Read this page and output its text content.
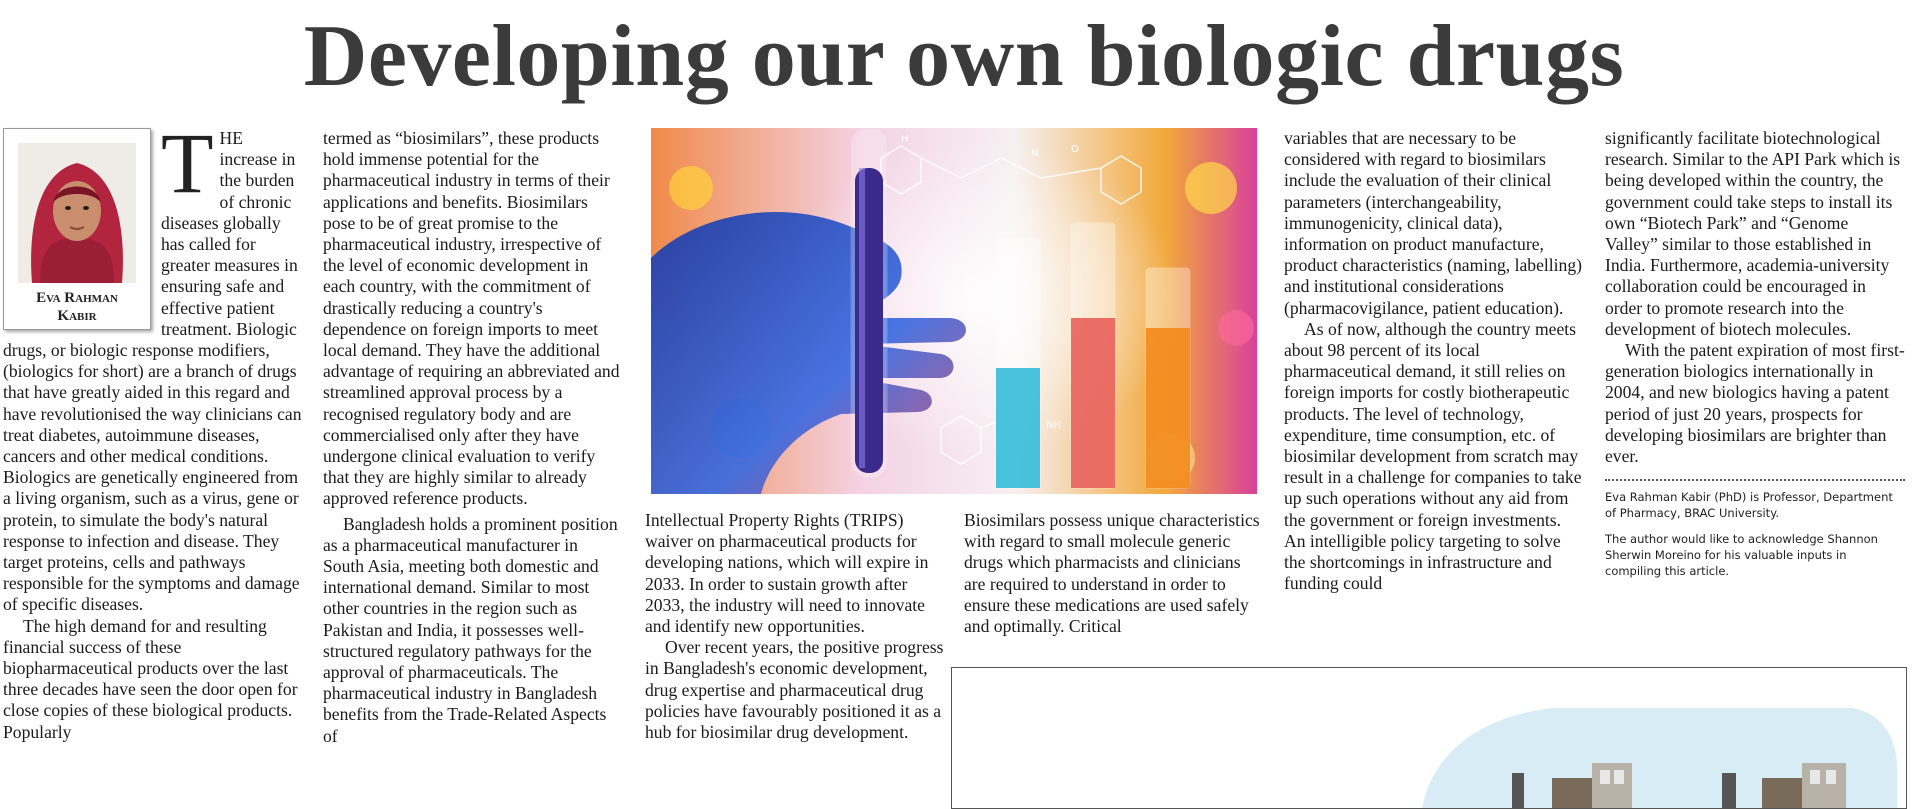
Developing our own biologic drugs
Eva Rahman
Kabir

THE increase in the burden of chronic diseases globally has called for greater measures in ensuring safe and effective patient treatment. Biologic drugs, or biologic response modifiers, (biologics for short) are a branch of drugs that have greatly aided in this regard and have revolutionised the way clinicians can treat diabetes, autoimmune diseases, cancers and other medical conditions. Biologics are genetically engineered from a living organism, such as a virus, gene or protein, to simulate the body's natural response to infection and disease. They target proteins, cells and pathways responsible for the symptoms and damage of specific diseases.

The high demand for and resulting financial success of these biopharmaceutical products over the last three decades have seen the door open for close copies of these biological products. Popularly

termed as “biosimilars”, these products hold immense potential for the pharmaceutical industry in terms of their applications and benefits. Biosimilars pose to be of great promise to the pharmaceutical industry, irrespective of the level of economic development in each country, with the commitment of drastically reducing a country's dependence on foreign imports to meet local demand. They have the additional advantage of requiring an abbreviated and streamlined approval process by a recognised regulatory body and are commercialised only after they have undergone clinical evaluation to verify that they are highly similar to already approved reference products.

Bangladesh holds a prominent position as a pharmaceutical manufacturer in South Asia, meeting both domestic and international demand. Similar to most other countries in the region such as Pakistan and India, it possesses well-structured regulatory pathways for the approval of pharmaceuticals. The pharmaceutical industry in Bangladesh benefits from the Trade-Related Aspects of

H
N	O
NH

Intellectual Property Rights (TRIPS) waiver on pharmaceutical products for developing nations, which will expire in 2033. In order to sustain growth after 2033, the industry will need to innovate and identify new opportunities.

Over recent years, the positive progress in Bangladesh's economic development, drug expertise and pharmaceutical drug policies have favourably positioned it as a hub for biosimilar drug development.

Biosimilars possess unique characteristics with regard to small molecule generic drugs which pharmacists and clinicians are required to understand in order to ensure these medications are used safely and optimally. Critical

variables that are necessary to be considered with regard to biosimilars include the evaluation of their clinical parameters (interchangeability, immunogenicity, clinical data), information on product manufacture, product characteristics (naming, labelling) and institutional considerations (pharmacovigilance, patient education).

As of now, although the country meets about 98 percent of its local pharmaceutical demand, it still relies on foreign imports for costly biotherapeutic products. The level of technology, expenditure, time consumption, etc. of biosimilar development from scratch may result in a challenge for companies to take up such operations without any aid from the government or foreign investments. An intelligible policy targeting to solve the shortcomings in infrastructure and funding could

significantly facilitate biotechnological research. Similar to the API Park which is being developed within the country, the government could take steps to install its own “Biotech Park” and “Genome Valley” similar to those established in India. Furthermore, academia-university collaboration could be encouraged in order to promote research into the development of biotech molecules.

With the patent expiration of most first-generation biologics internationally in 2004, and new biologics having a patent period of just 20 years, prospects for developing biosimilars are brighter than ever.

Eva Rahman Kabir (PhD) is Professor, Department of Pharmacy, BRAC University.

The author would like to acknowledge Shannon Sherwin Moreino for his valuable inputs in compiling this article.
